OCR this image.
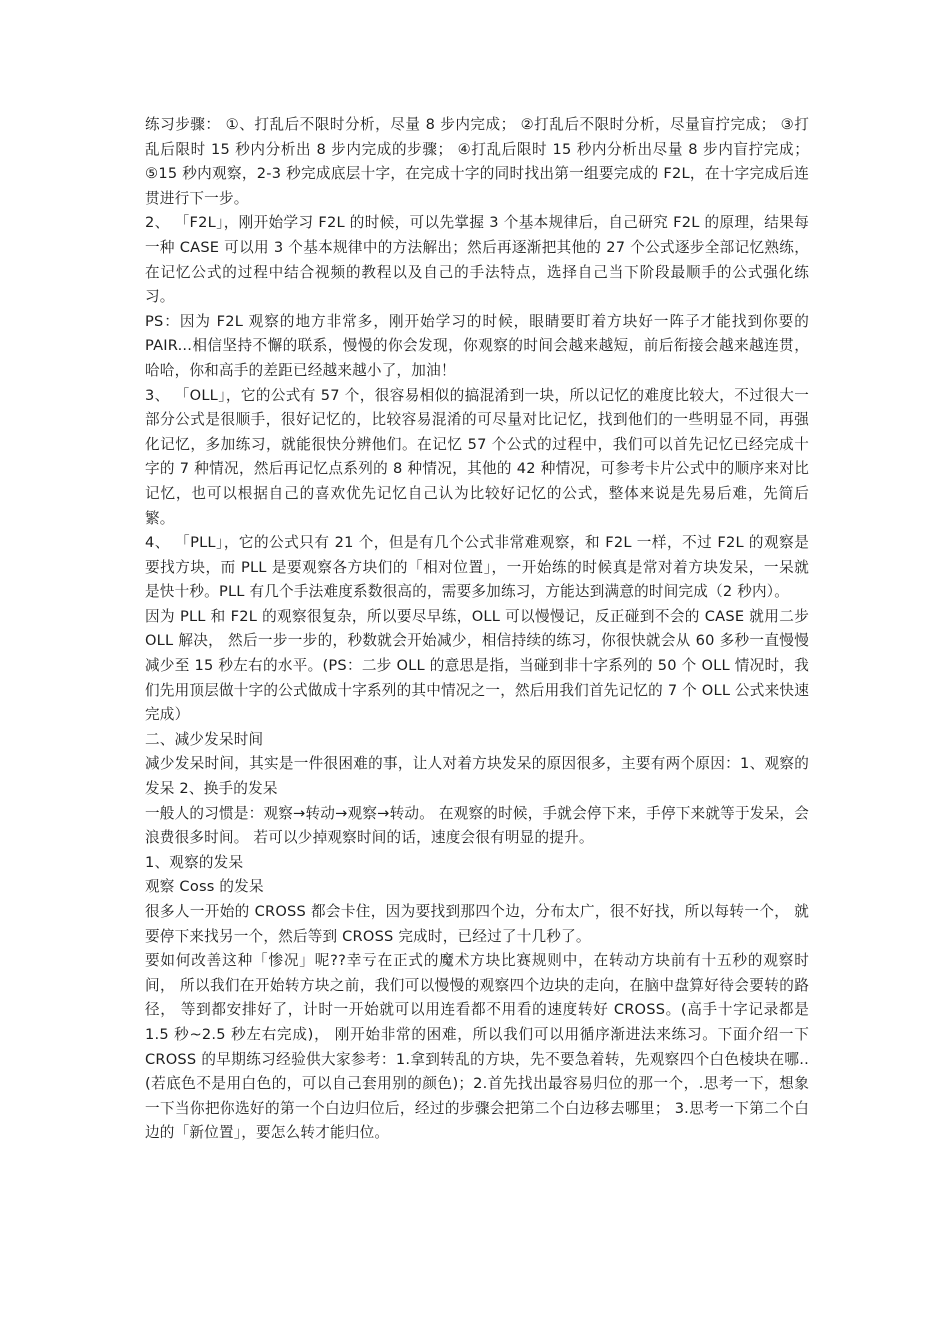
练习步骤： ①、打乱后不限时分析，尽量 8 步内完成； ②打乱后不限时分析，尽量盲拧完成； ③打乱后限时 15 秒内分析出 8 步内完成的步骤； ④打乱后限时 15 秒内分析出尽量 8 步内盲拧完成； ⑤15 秒内观察，2-3 秒完成底层十字，在完成十字的同时找出第一组要完成的 F2L，在十字完成后连贯进行下一步。

2、 「F2L」，刚开始学习 F2L 的时候，可以先掌握 3 个基本规律后，自己研究 F2L 的原理，结果每一种 CASE 可以用 3 个基本规律中的方法解出；然后再逐渐把其他的 27 个公式逐步全部记忆熟练，在记忆公式的过程中结合视频的教程以及自己的手法特点，选择自己当下阶段最顺手的公式强化练习。

PS：因为 F2L 观察的地方非常多，刚开始学习的时候，眼睛要盯着方块好一阵子才能找到你要的 PAIR...相信坚持不懈的联系，慢慢的你会发现，你观察的时间会越来越短，前后衔接会越来越连贯，哈哈，你和高手的差距已经越来越小了，加油！

3、 「OLL」，它的公式有 57 个，很容易相似的搞混淆到一块，所以记忆的难度比较大，不过很大一部分公式是很顺手，很好记忆的，比较容易混淆的可尽量对比记忆，找到他们的一些明显不同，再强化记忆，多加练习，就能很快分辨他们。在记忆 57 个公式的过程中，我们可以首先记忆已经完成十字的 7 种情况，然后再记忆点系列的 8 种情况，其他的 42 种情况，可参考卡片公式中的顺序来对比记忆，也可以根据自己的喜欢优先记忆自己认为比较好记忆的公式，整体来说是先易后难，先简后繁。

4、 「PLL」，它的公式只有 21 个，但是有几个公式非常难观察，和 F2L 一样，不过 F2L 的观察是要找方块，而 PLL 是要观察各方块们的「相对位置」，一开始练的时候真是常对着方块发呆，一呆就是快十秒。PLL 有几个手法难度系数很高的，需要多加练习，方能达到满意的时间完成（2 秒内）。

因为 PLL 和 F2L 的观察很复杂，所以要尽早练，OLL 可以慢慢记，反正碰到不会的 CASE 就用二步 OLL 解决， 然后一步一步的，秒数就会开始减少，相信持续的练习，你很快就会从 60 多秒一直慢慢减少至 15 秒左右的水平。(PS：二步 OLL 的意思是指，当碰到非十字系列的 50 个 OLL 情况时，我们先用顶层做十字的公式做成十字系列的其中情况之一，然后用我们首先记忆的 7 个 OLL 公式来快速完成）

二、减少发呆时间

减少发呆时间，其实是一件很困难的事，让人对着方块发呆的原因很多，主要有两个原因：1、观察的发呆 2、换手的发呆

一般人的习惯是：观察→转动→观察→转动。 在观察的时候，手就会停下来，手停下来就等于发呆，会浪费很多时间。 若可以少掉观察时间的话，速度会很有明显的提升。

1、观察的发呆

观察 Coss 的发呆

很多人一开始的 CROSS 都会卡住，因为要找到那四个边，分布太广，很不好找，所以每转一个， 就要停下来找另一个，然后等到 CROSS 完成时，已经过了十几秒了。

要如何改善这种「惨况」呢??幸亏在正式的魔术方块比赛规则中，在转动方块前有十五秒的观察时间， 所以我们在开始转方块之前，我们可以慢慢的观察四个边块的走向，在脑中盘算好待会要转的路径， 等到都安排好了，计时一开始就可以用连看都不用看的速度转好 CROSS。(高手十字记录都是 1.5 秒~2.5 秒左右完成)， 刚开始非常的困难，所以我们可以用循序渐进法来练习。下面介绍一下 CROSS 的早期练习经验供大家参考：1.拿到转乱的方块，先不要急着转，先观察四个白色棱块在哪..(若底色不是用白色的，可以自己套用别的颜色)；2.首先找出最容易归位的那一个，.思考一下，想象一下当你把你选好的第一个白边归位后，经过的步骤会把第二个白边移去哪里； 3.思考一下第二个白边的「新位置」，要怎么转才能归位。
